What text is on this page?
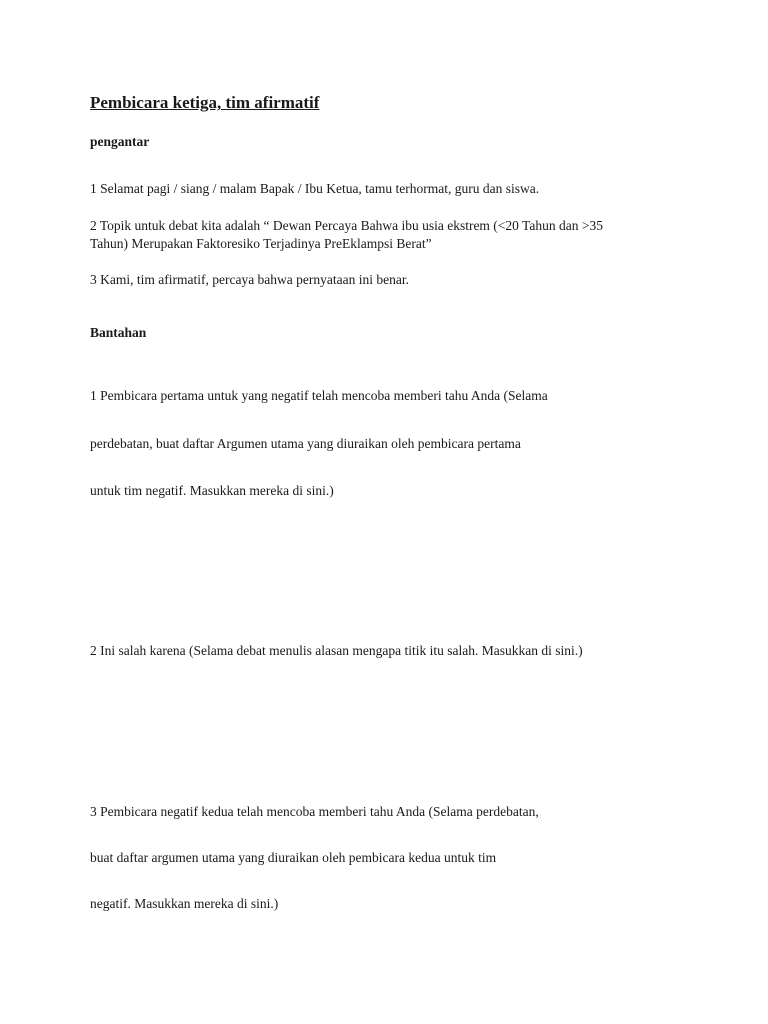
Pembicara ketiga, tim afirmatif
pengantar
1 Selamat pagi / siang / malam Bapak / Ibu Ketua, tamu terhormat, guru dan siswa.
2 Topik untuk debat kita adalah “ Dewan Percaya Bahwa ibu usia ekstrem (<20 Tahun dan >35
Tahun) Merupakan Faktoresiko Terjadinya PreEklampsi Berat”
3 Kami, tim afirmatif, percaya bahwa pernyataan ini benar.
Bantahan
1 Pembicara pertama untuk yang negatif telah mencoba memberi tahu Anda (Selama
perdebatan, buat daftar Argumen utama yang diuraikan oleh pembicara pertama
untuk tim negatif. Masukkan mereka di sini.)
2 Ini salah karena (Selama debat menulis alasan mengapa titik itu salah. Masukkan di sini.)
3 Pembicara negatif kedua telah mencoba memberi tahu Anda (Selama perdebatan,
buat daftar argumen utama yang diuraikan oleh pembicara kedua untuk tim
negatif. Masukkan mereka di sini.)
